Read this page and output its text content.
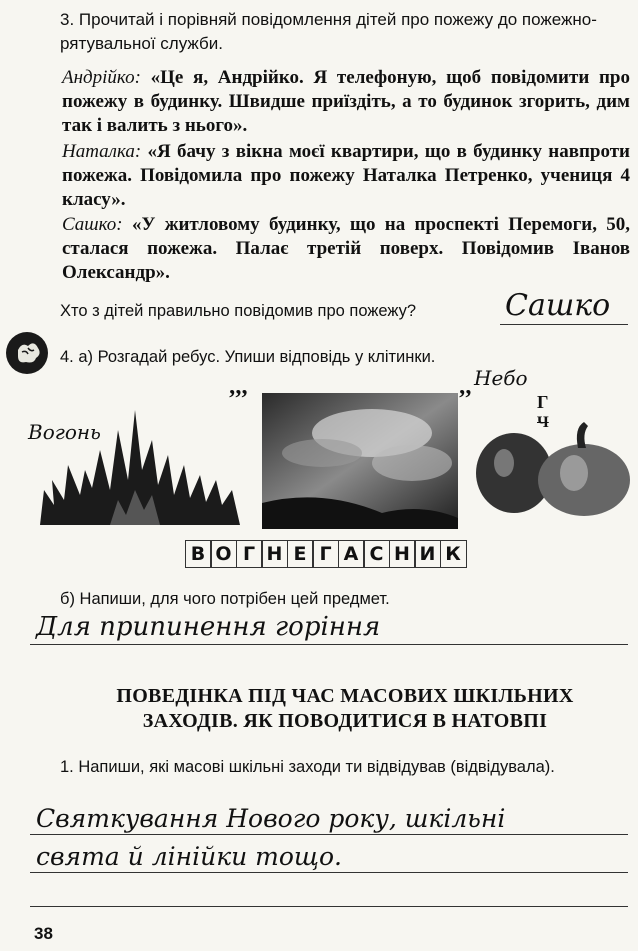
3. Прочитай і порівняй повідомлення дітей про пожежу до пожежно-рятувальної служби.
Андрійко: «Це я, Андрійко. Я телефоную, щоб повідомити про пожежу в будинку. Швидше приїздіть, а то будинок згорить, дим так і валить з нього».
Наталка: «Я бачу з вікна моєї квартири, що в будинку навпроти пожежа. Повідомила про пожежу Наталка Петренко, учениця 4 класу».
Сашко: «У житловому будинку, що на проспекті Перемоги, 50, сталася пожежа. Палає третій поверх. Повідомив Іванов Олександр».
Хто з дітей правильно повідомив про пожежу?	Сашко
4. а) Розгадай ребус. Упиши відповідь у клітинки.
Вогонь
’’’
Небо
’’	Г
Ч
В О Г Н Е Г А С Н И К
б) Напиши, для чого потрібен цей предмет.
Для припинення горіння
ПОВЕДІНКА ПІД ЧАС МАСОВИХ ШКІЛЬНИХ
ЗАХОДІВ. ЯК ПОВОДИТИСЯ В НАТОВПІ
1. Напиши, які масові шкільні заходи ти відвідував (відвідувала).
Святкування Нового року, шкільні
свята й лінійки тощо.
38
